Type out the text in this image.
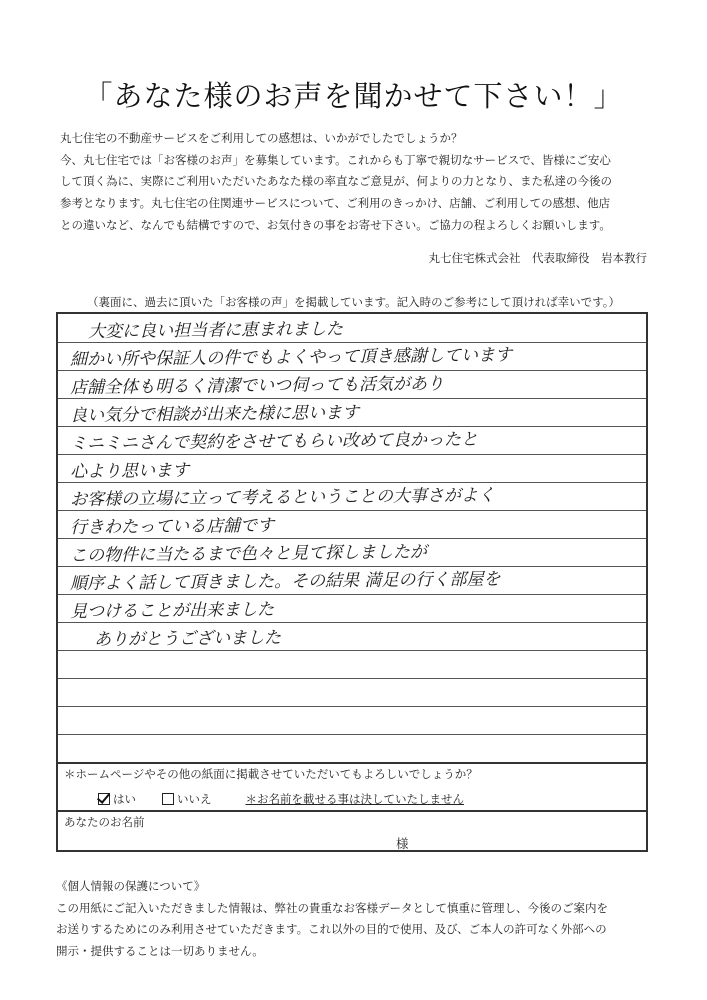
「あなた様のお声を聞かせて下さい！」

丸七住宅の不動産サービスをご利用しての感想は、いかがでしたでしょうか？

今、丸七住宅では「お客様のお声」を募集しています。これからも丁寧で親切なサービスで、皆様にご安心

して頂く為に、実際にご利用いただいたあなた様の率直なご意見が、何よりの力となり、また私達の今後の

参考となります。丸七住宅の住関連サービスについて、ご利用のきっかけ、店舗、ご利用しての感想、他店

との違いなど、なんでも結構ですので、お気付きの事をお寄せ下さい。ご協力の程よろしくお願いします。

丸七住宅株式会社　代表取締役　岩本教行
（裏面に、過去に頂いた「お客様の声」を掲載しています。記入時のご参考にして頂ければ幸いです。）
大変に良い担当者に恵まれました
細かい所や保証人の件でもよくやって頂き感謝しています
店舗全体も明るく清潔でいつ伺っても活気があり
良い気分で相談が出来た様に思います
ミニミニさんで契約をさせてもらい改めて良かったと
心より思います
お客様の立場に立って考えるということの大事さがよく
行きわたっている店舗です
この物件に当たるまで色々と見て探しましたが
順序よく話して頂きました。その結果 満足の行く部屋を
見つけることが出来ました
ありがとうございました
＊ホームページやその他の紙面に掲載させていただいてもよろしいでしょうか？
はい	いいえ	＊お名前を載せる事は決していたしません
あなたのお名前
様

《個人情報の保護について》

この用紙にご記入いただきました情報は、弊社の貴重なお客様データとして慎重に管理し、今後のご案内を

お送りするためにのみ利用させていただきます。これ以外の目的で使用、及び、ご本人の許可なく外部への

開示・提供することは一切ありません。
